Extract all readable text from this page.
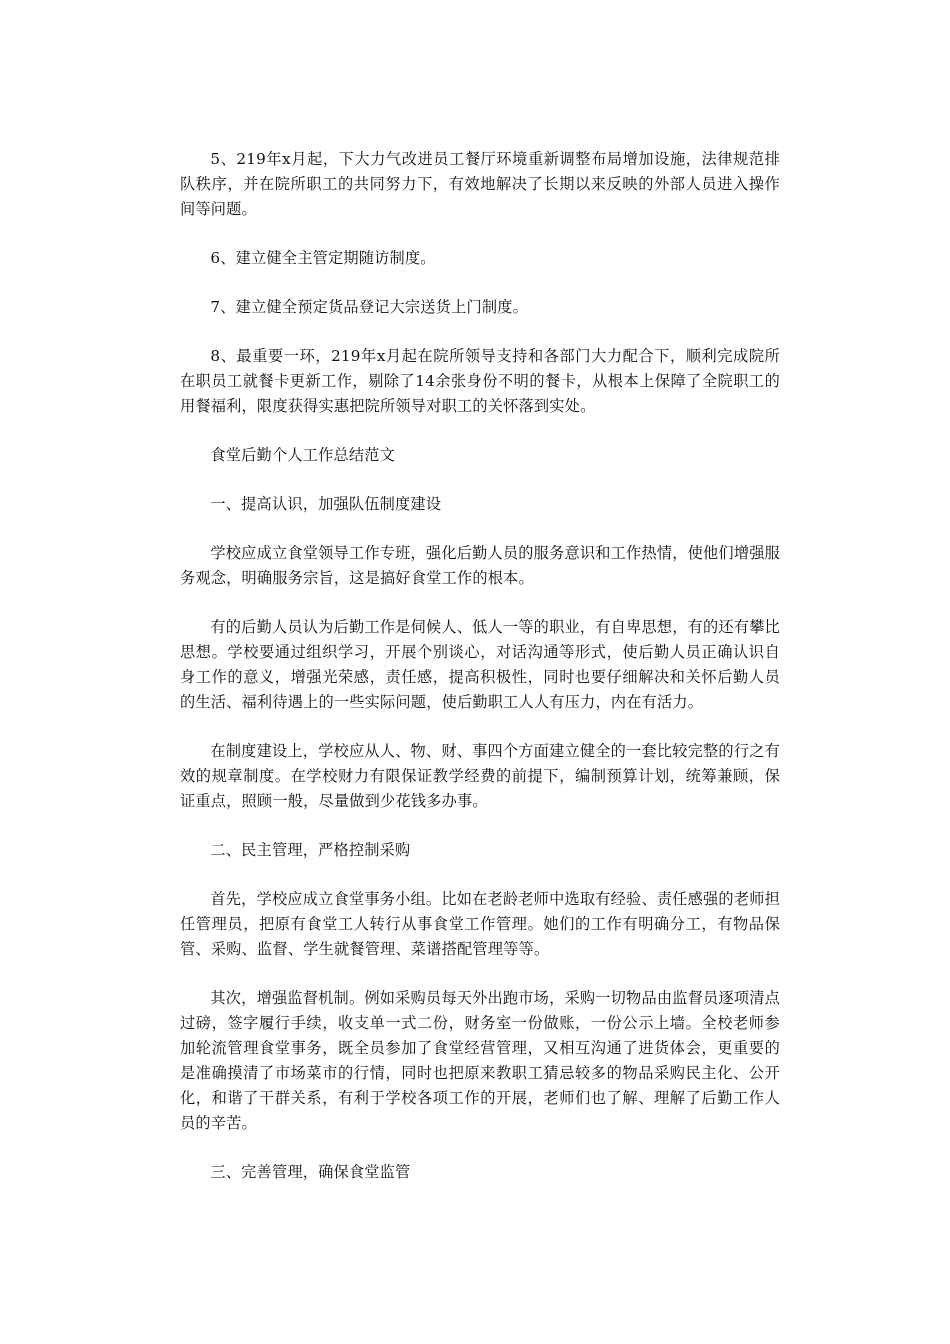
5、219年x月起，下大力气改进员工餐厅环境重新调整布局增加设施，法律规范排队秩序，并在院所职工的共同努力下，有效地解决了长期以来反映的外部人员进入操作间等问题。

6、建立健全主管定期随访制度。

7、建立健全预定货品登记大宗送货上门制度。

8、最重要一环，219年x月起在院所领导支持和各部门大力配合下，顺利完成院所在职员工就餐卡更新工作，剔除了14余张身份不明的餐卡，从根本上保障了全院职工的用餐福利，限度获得实惠把院所领导对职工的关怀落到实处。

食堂后勤个人工作总结范文

一、提高认识，加强队伍制度建设

学校应成立食堂领导工作专班，强化后勤人员的服务意识和工作热情，使他们增强服务观念，明确服务宗旨，这是搞好食堂工作的根本。

有的后勤人员认为后勤工作是伺候人、低人一等的职业，有自卑思想，有的还有攀比思想。学校要通过组织学习，开展个别谈心，对话沟通等形式，使后勤人员正确认识自身工作的意义，增强光荣感，责任感，提高积极性，同时也要仔细解决和关怀后勤人员的生活、福利待遇上的一些实际问题，使后勤职工人人有压力，内在有活力。

在制度建设上，学校应从人、物、财、事四个方面建立健全的一套比较完整的行之有效的规章制度。在学校财力有限保证教学经费的前提下，编制预算计划，统筹兼顾，保证重点，照顾一般，尽量做到少花钱多办事。

二、民主管理，严格控制采购

首先，学校应成立食堂事务小组。比如在老龄老师中选取有经验、责任感强的老师担任管理员，把原有食堂工人转行从事食堂工作管理。她们的工作有明确分工，有物品保管、采购、监督、学生就餐管理、菜谱搭配管理等等。

其次，增强监督机制。例如采购员每天外出跑市场，采购一切物品由监督员逐项清点过磅，签字履行手续，收支单一式二份，财务室一份做账，一份公示上墙。全校老师参加轮流管理食堂事务，既全员参加了食堂经营管理，又相互沟通了进货体会，更重要的是准确摸清了市场菜市的行情，同时也把原来教职工猜忌较多的物品采购民主化、公开化，和谐了干群关系，有利于学校各项工作的开展，老师们也了解、理解了后勤工作人员的辛苦。

三、完善管理，确保食堂监管
